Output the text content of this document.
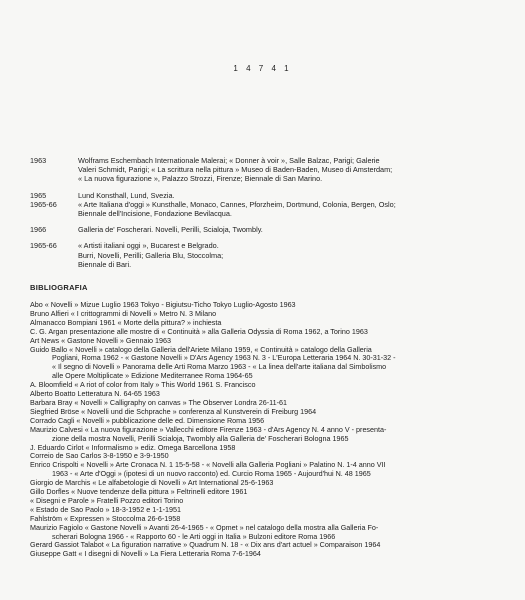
1 4 7 4 1
1963	Wolframs Eschembach Internationale Malerai; « Donner à voir », Salle Balzac, Parigi; Galerie
Valeri Schmidt, Parigi; « La scrittura nella pittura » Museo di Baden-Baden, Museo di Amsterdam;
« La nuova figurazione », Palazzo Strozzi, Firenze; Biennale di San Marino.
1965	Lund Konsthall, Lund, Svezia.
1965-66	« Arte Italiana d'oggi » Kunsthalle, Monaco, Cannes, Pforzheim, Dortmund, Colonia, Bergen, Oslo;
Biennale dell'Incisione, Fondazione Bevilacqua.
1966	Galleria de' Foscherari. Novelli, Perilli, Scialoja, Twombly.
1965-66	« Artisti italiani oggi », Bucarest e Belgrado.
Burri, Novelli, Perilli; Galleria Blu, Stoccolma;
Biennale di Bari.
BIBLIOGRAFIA
Abo « Novelli » Mizue Luglio 1963 Tokyo - Bigiutsu-Ticho Tokyo Luglio-Agosto 1963
Bruno Alfieri « I crittogrammi di Novelli » Metro N. 3 Milano
Almanacco Bompiani 1961 « Morte della pittura? » inchiesta
C. G. Argan presentazione alle mostre di « Continuità » alla Galleria Odyssia di Roma 1962, a Torino 1963
Art News « Gastone Novelli » Gennaio 1963
Guido Ballo « Novelli » catalogo della Galleria dell'Ariete Milano 1959, « Continuità » catalogo della Galleria
Pogliani, Roma 1962 - « Gastone Novelli » D'Ars Agency 1963 N. 3 - L'Europa Letteraria 1964 N. 30-31-32 -
« Il segno di Novelli » Panorama delle Arti Roma Marzo 1963 - « La linea dell'arte italiana dal Simbolismo
alle Opere Moltiplicate » Edizione Mediterranee Roma 1964-65
A. Bloomfield « A riot of color from Italy » This World 1961 S. Francisco
Alberto Boatto Letteratura N. 64-65 1963
Barbara Bray « Novelli » Calligraphy on canvas » The Observer Londra 26-11-61
Siegfried Bröse « Novelli und die Schprache » conferenza al Kunstverein di Freiburg 1964
Corrado Cagli « Novelli » pubblicazione delle ed. Dimensione Roma 1956
Maurizio Calvesi « La nuova figurazione » Vallecchi editore Firenze 1963 - d'Ars Agency N. 4 anno V - presenta-
zione della mostra Novelli, Perilli Scialoja, Twombly alla Galleria de' Foscherari Bologna 1965
J. Eduardo Cirlot « Informalismo » ediz. Omega Barcellona 1958
Correio de Sao Carlos 3-8-1950 e 3-9-1950
Enrico Crispolti « Novelli » Arte Cronaca N. 1 15-5-58 - « Novelli alla Galleria Pogliani » Palatino N. 1-4 anno VII
1963 - « Arte d'Oggi » (ipotesi di un nuovo racconto) ed. Curcio Roma 1965 - Aujourd'hui N. 48 1965
Giorgio de Marchis « Le alfabetologie di Novelli » Art International 25-6-1963
Gillo Dorfles « Nuove tendenze della pittura » Feltrinelli editore 1961
« Disegni e Parole » Fratelli Pozzo editori Torino
« Estado de Sao Paolo » 18-3-1952 e 1-1-1951
Fahlström « Expressen » Stoccolma 26-6-1958
Maurizio Fagiolo « Gastone Novelli » Avanti 26-4-1965 - « Opmet » nel catalogo della mostra alla Galleria Fo-
scherari Bologna 1966 - « Rapporto 60 - le Arti oggi in Italia » Bulzoni editore Roma 1966
Gerard Gassiot Talabot « La figuration narrative » Quadrum N. 18 - « Dix ans d'art actuel » Comparaison 1964
Giuseppe Gatt « I disegni di Novelli » La Fiera Letteraria Roma 7-6-1964
